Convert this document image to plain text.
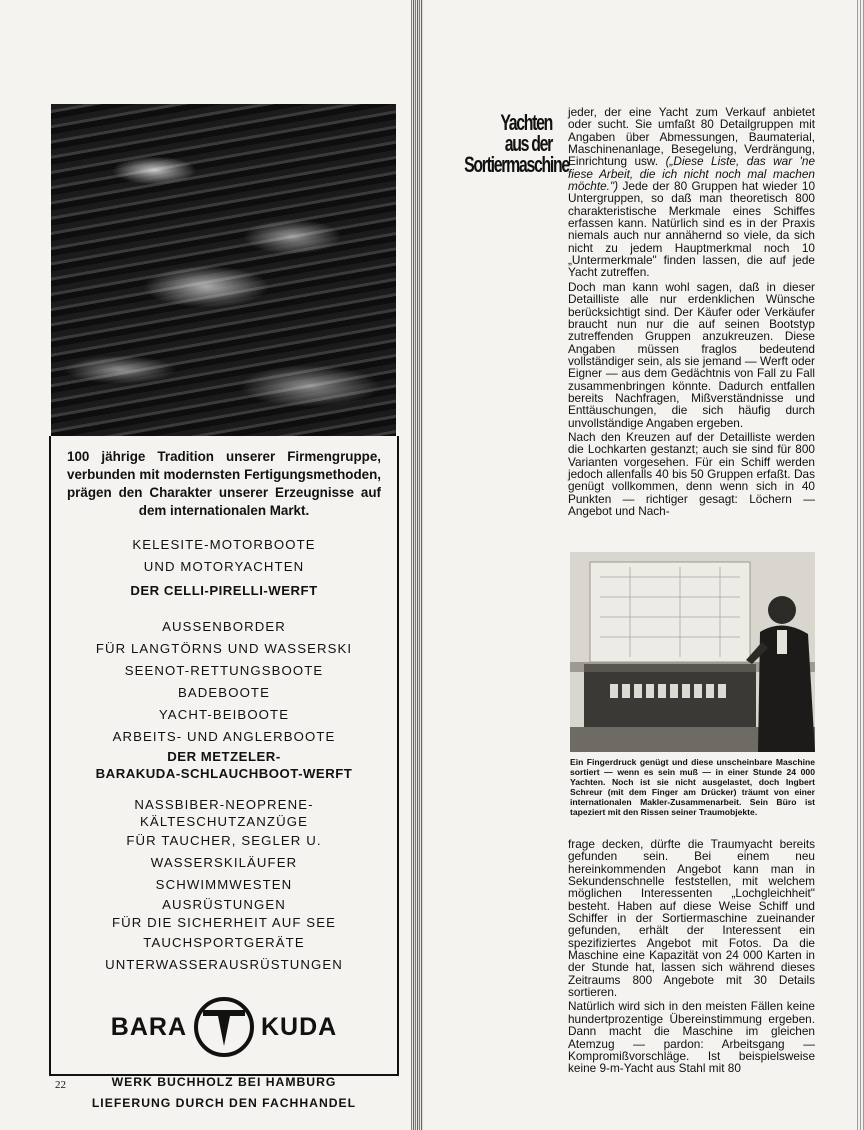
100 jährige Tradition unserer Firmengruppe, verbunden mit modernsten Fertigungsmethoden, prägen den Charakter unserer Erzeugnisse auf dem internationalen Markt.
KELESITE-MOTORBOOTE
UND MOTORYACHTEN
DER CELLI-PIRELLI-WERFT
AUSSENBORDER
FÜR LANGTÖRNS UND WASSERSKI
SEENOT-RETTUNGSBOOTE
BADEBOOTE
YACHT-BEIBOOTE
ARBEITS- UND ANGLERBOOTE
DER METZELER-
BARAKUDA-SCHLAUCHBOOT-WERFT
NASSBIBER-NEOPRENE-
KÄLTESCHUTZANZÜGE
FÜR TAUCHER, SEGLER U. WASSERSKILÄUFER
SCHWIMMWESTEN
AUSRÜSTUNGEN
FÜR DIE SICHERHEIT AUF SEE
TAUCHSPORTGERÄTE
UNTERWASSERAUSRÜSTUNGEN
BARA	KUDA
WERK BUCHHOLZ BEI HAMBURG
LIEFERUNG DURCH DEN FACHHANDEL
22
Yachten
aus der
Sortiermaschine

jeder, der eine Yacht zum Verkauf anbietet oder sucht. Sie umfaßt 80 Detailgruppen mit Angaben über Abmessungen, Baumaterial, Maschinenanlage, Besegelung, Verdrängung, Einrichtung usw. („Diese Liste, das war 'ne fiese Arbeit, die ich nicht noch mal machen möchte.") Jede der 80 Gruppen hat wieder 10 Untergruppen, so daß man theoretisch 800 charakteristische Merkmale eines Schiffes erfassen kann. Natürlich sind es in der Praxis niemals auch nur annähernd so viele, da sich nicht zu jedem Hauptmerkmal noch 10 „Untermerkmale" finden lassen, die auf jede Yacht zutreffen.

Doch man kann wohl sagen, daß in dieser Detailliste alle nur erdenklichen Wünsche berücksichtigt sind. Der Käufer oder Verkäufer braucht nun nur die auf seinen Bootstyp zutreffenden Gruppen anzukreuzen. Diese Angaben müssen fraglos bedeutend vollständiger sein, als sie jemand — Werft oder Eigner — aus dem Gedächtnis von Fall zu Fall zusammenbringen könnte. Dadurch entfallen bereits Nachfragen, Mißverständnisse und Enttäuschungen, die sich häufig durch unvollständige Angaben ergeben.

Nach den Kreuzen auf der Detailliste werden die Lochkarten gestanzt; auch sie sind für 800 Varianten vorgesehen. Für ein Schiff werden jedoch allenfalls 40 bis 50 Gruppen erfaßt. Das genügt vollkommen, denn wenn sich in 40 Punkten — richtiger gesagt: Löchern — Angebot und Nach-

Ein Fingerdruck genügt und diese unscheinbare Maschine sortiert — wenn es sein muß — in einer Stunde 24 000 Yachten. Noch ist sie nicht ausgelastet, doch Ingbert Schreur (mit dem Finger am Drücker) träumt von einer internationalen Makler-Zusammenarbeit. Sein Büro ist tapeziert mit den Rissen seiner Traumobjekte.

frage decken, dürfte die Traumyacht bereits gefunden sein. Bei einem neu hereinkommenden Angebot kann man in Sekundenschnelle feststellen, mit welchem möglichen Interessenten „Lochgleichheit" besteht. Haben auf diese Weise Schiff und Schiffer in der Sortiermaschine zueinander gefunden, erhält der Interessent ein spezifiziertes Angebot mit Fotos. Da die Maschine eine Kapazität von 24 000 Karten in der Stunde hat, lassen sich während dieses Zeitraums 800 Angebote mit 30 Details sortieren.

Natürlich wird sich in den meisten Fällen keine hundertprozentige Übereinstimmung ergeben. Dann macht die Maschine im gleichen Atemzug — pardon: Arbeitsgang — Kompromißvorschläge. Ist beispielsweise keine 9-m-Yacht aus Stahl mit 80
